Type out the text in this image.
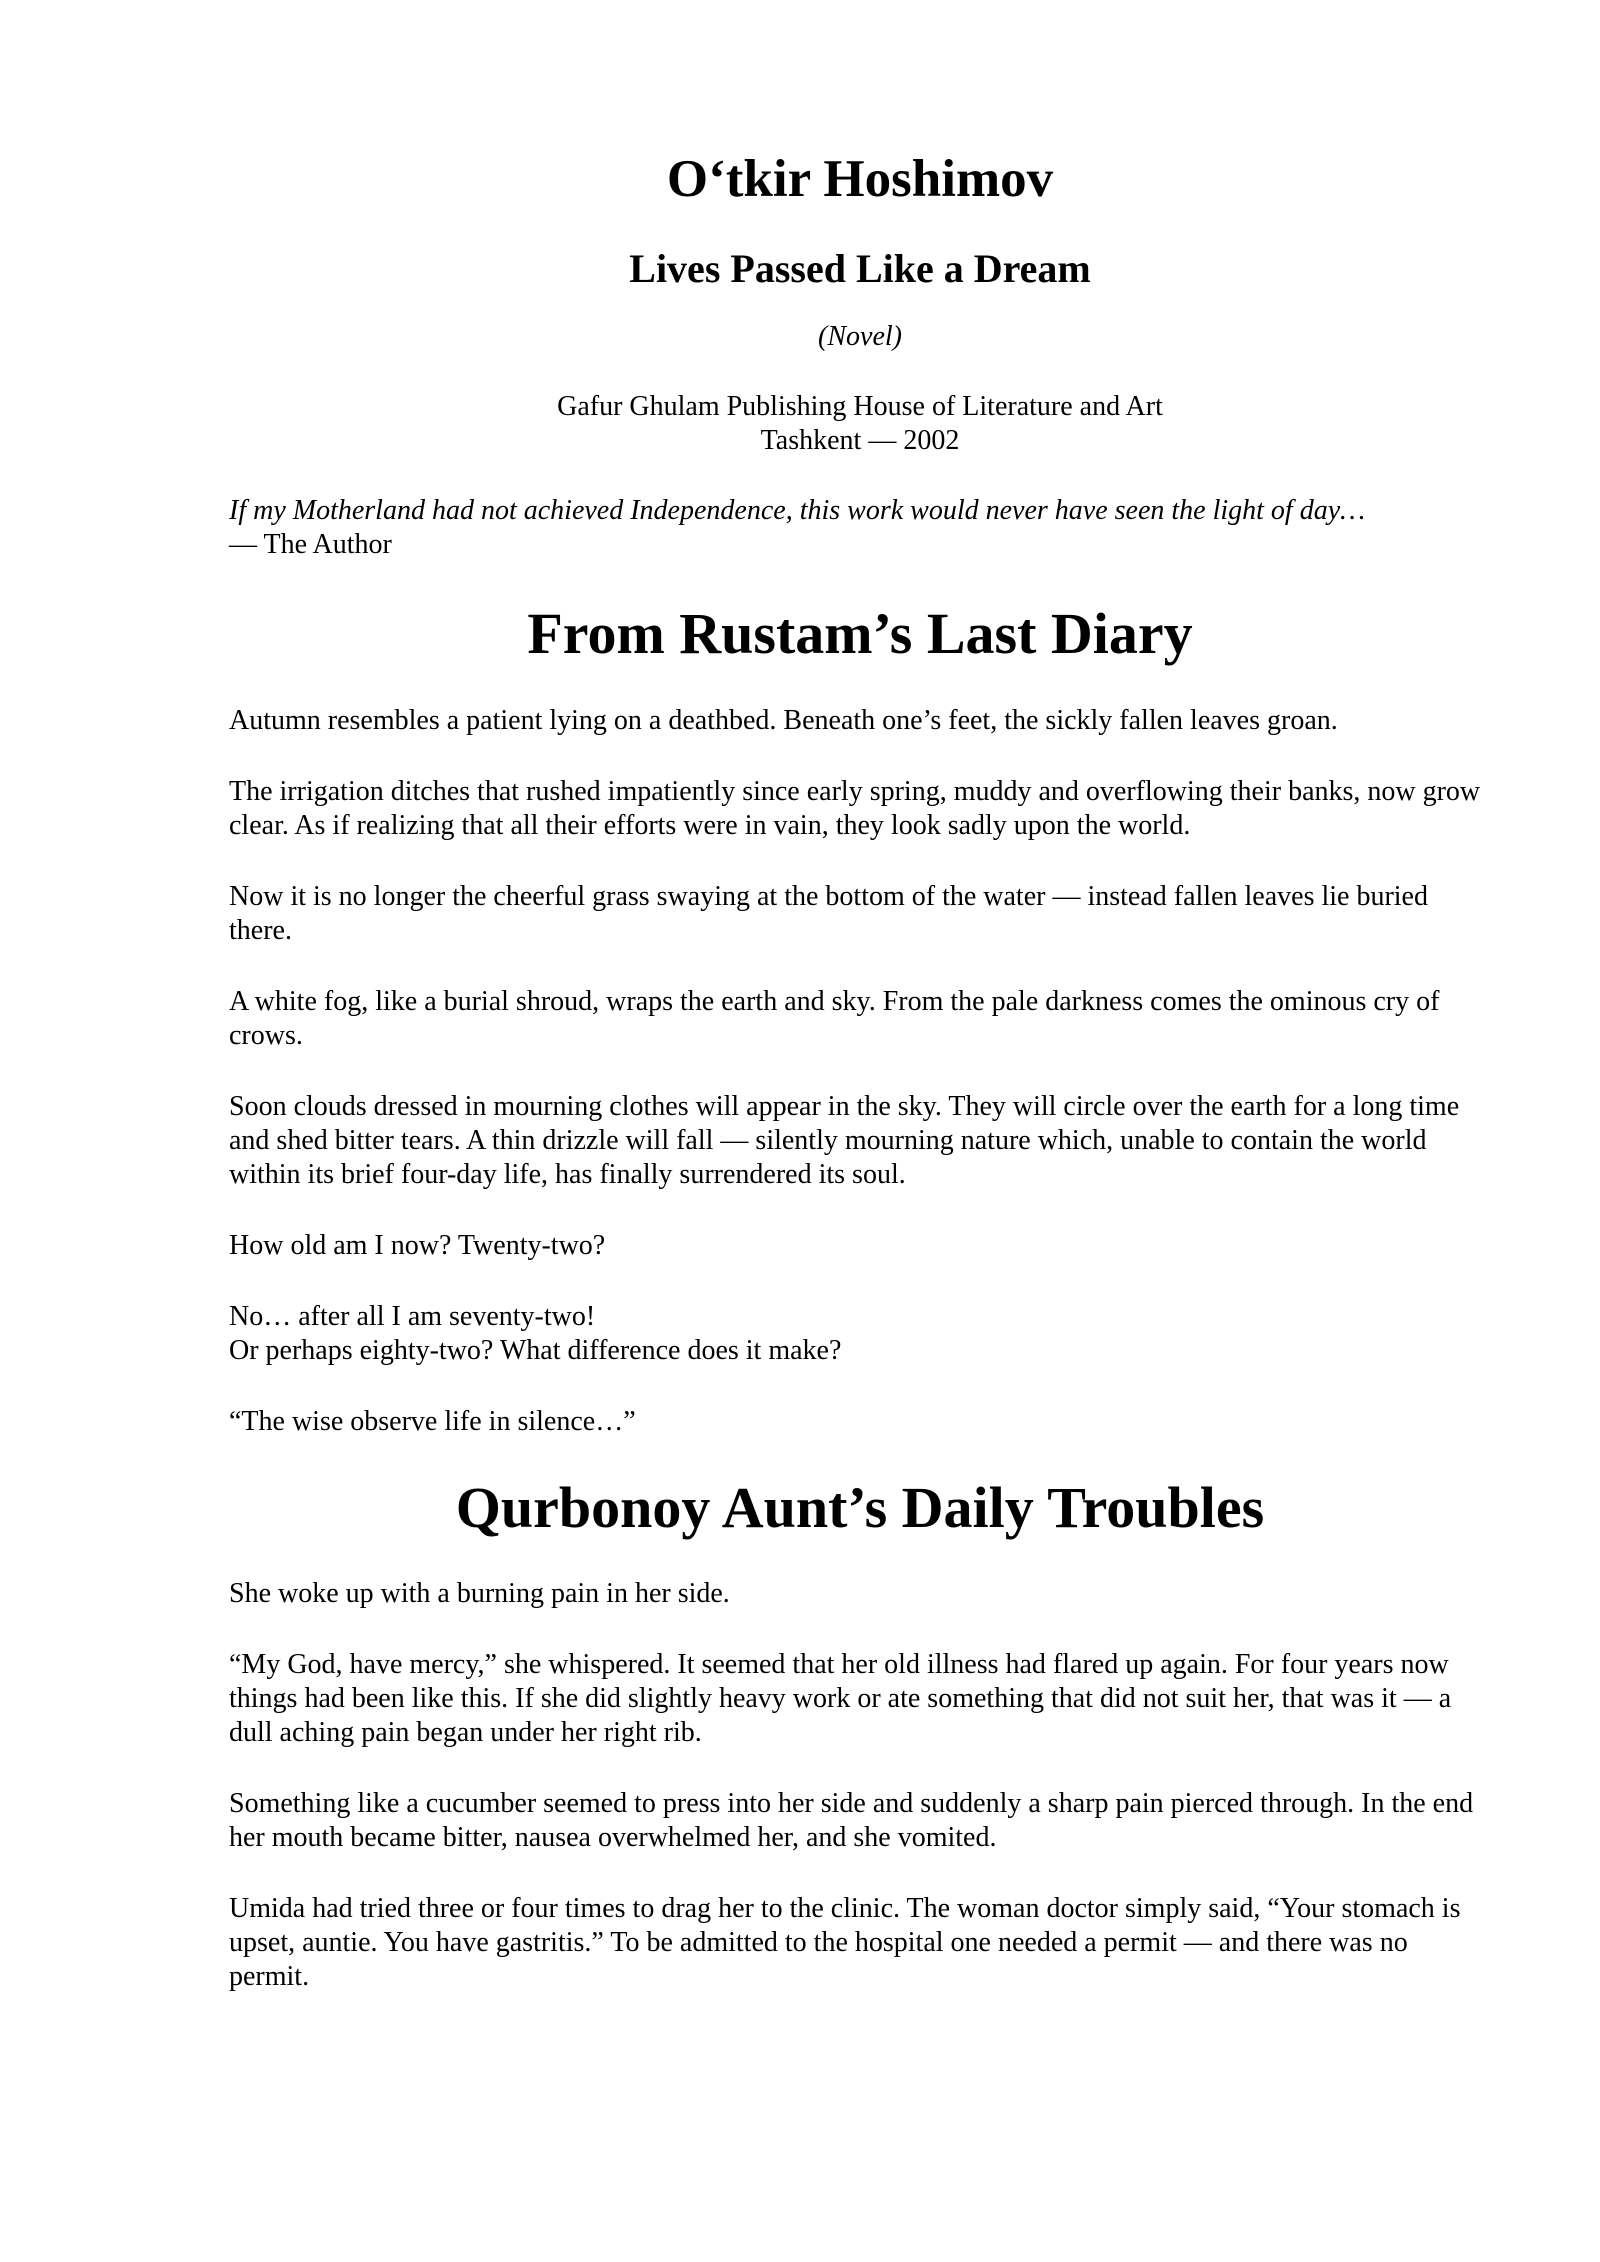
O‘tkir Hoshimov
Lives Passed Like a Dream
(Novel)
Gafur Ghulam Publishing House of Literature and Art
Tashkent — 2002
If my Motherland had not achieved Independence, this work would never have seen the light of day…
— The Author
From Rustam’s Last Diary

Autumn resembles a patient lying on a deathbed. Beneath one’s feet, the sickly fallen leaves groan.

The irrigation ditches that rushed impatiently since early spring, muddy and overflowing their banks, now grow clear. As if realizing that all their efforts were in vain, they look sadly upon the world.

Now it is no longer the cheerful grass swaying at the bottom of the water — instead fallen leaves lie buried there.

A white fog, like a burial shroud, wraps the earth and sky. From the pale darkness comes the ominous cry of crows.

Soon clouds dressed in mourning clothes will appear in the sky. They will circle over the earth for a long time and shed bitter tears. A thin drizzle will fall — silently mourning nature which, unable to contain the world within its brief four-day life, has finally surrendered its soul.

How old am I now? Twenty-two?

No… after all I am seventy-two!
Or perhaps eighty-two? What difference does it make?

“The wise observe life in silence…”

Qurbonoy Aunt’s Daily Troubles

She woke up with a burning pain in her side.

“My God, have mercy,” she whispered. It seemed that her old illness had flared up again. For four years now things had been like this. If she did slightly heavy work or ate something that did not suit her, that was it — a dull aching pain began under her right rib.

Something like a cucumber seemed to press into her side and suddenly a sharp pain pierced through. In the end her mouth became bitter, nausea overwhelmed her, and she vomited.

Umida had tried three or four times to drag her to the clinic. The woman doctor simply said, “Your stomach is upset, auntie. You have gastritis.” To be admitted to the hospital one needed a permit — and there was no permit.
